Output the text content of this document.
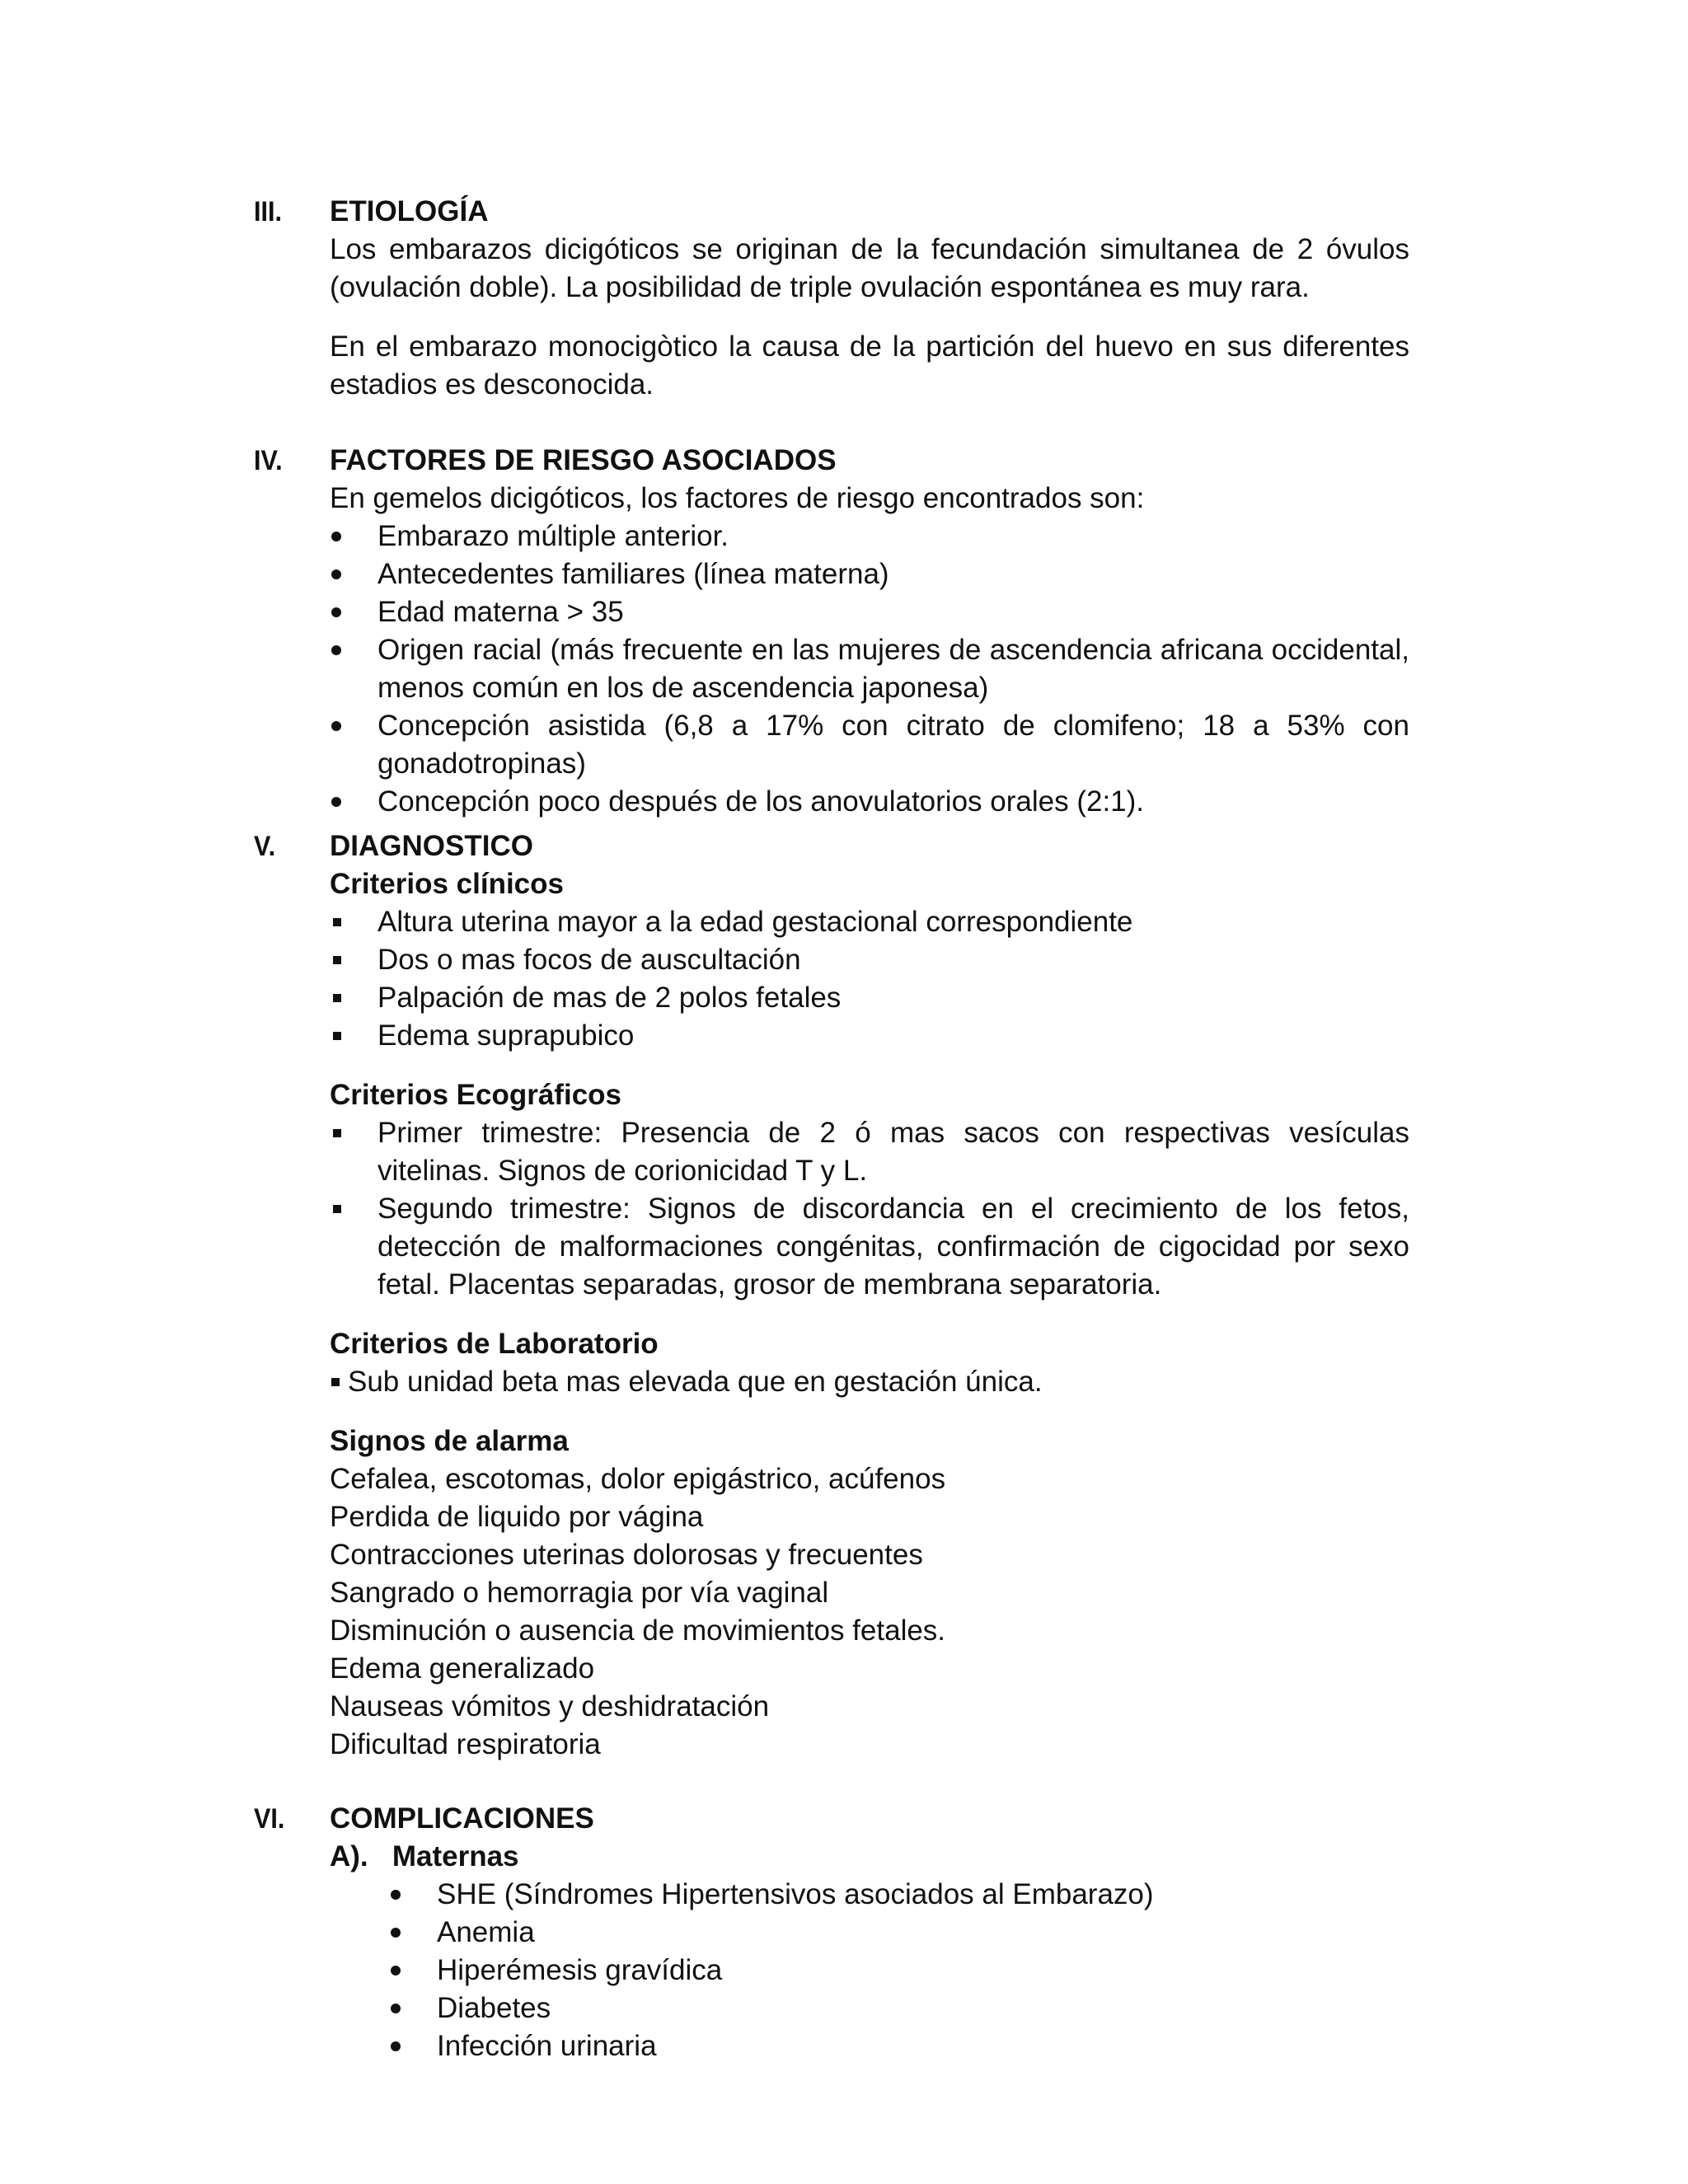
III. ETIOLOGÍA

Los embarazos dicigóticos se originan de la fecundación simultanea de 2 óvulos (ovulación doble). La posibilidad de triple ovulación espontánea es muy rara.

En el embarazo monocigòtico la causa de la partición del huevo en sus diferentes estadios es desconocida.

IV. FACTORES DE RIESGO ASOCIADOS

En gemelos dicigóticos, los factores de riesgo encontrados son:

Embarazo múltiple anterior.
Antecedentes familiares (línea materna)
Edad materna > 35
Origen racial (más frecuente en las mujeres de ascendencia africana occidental, menos común en los de ascendencia japonesa)
Concepción asistida (6,8 a 17% con citrato de clomifeno; 18 a 53% con gonadotropinas)
Concepción poco después de los anovulatorios orales (2:1).
V. DIAGNOSTICO
Criterios clínicos
Altura uterina mayor a la edad gestacional correspondiente
Dos o mas focos de auscultación
Palpación de mas de 2 polos fetales
Edema suprapubico
Criterios Ecográficos
Primer trimestre: Presencia de 2 ó mas sacos con respectivas vesículas vitelinas. Signos de corionicidad T y L.
Segundo trimestre: Signos de discordancia en el crecimiento de los fetos, detección de malformaciones congénitas, confirmación de cigocidad por sexo fetal. Placentas separadas, grosor de membrana separatoria.
Criterios de Laboratorio
Sub unidad beta mas elevada que en gestación única.
Signos de alarma
Cefalea, escotomas, dolor epigástrico, acúfenos
Perdida de liquido por vágina
Contracciones uterinas dolorosas y frecuentes
Sangrado o hemorragia por vía vaginal
Disminución o ausencia de movimientos fetales.
Edema generalizado
Nauseas vómitos y deshidratación
Dificultad respiratoria
VI. COMPLICACIONES
A). Maternas
SHE (Síndromes Hipertensivos asociados al Embarazo)
Anemia
Hiperémesis gravídica
Diabetes
Infección urinaria
